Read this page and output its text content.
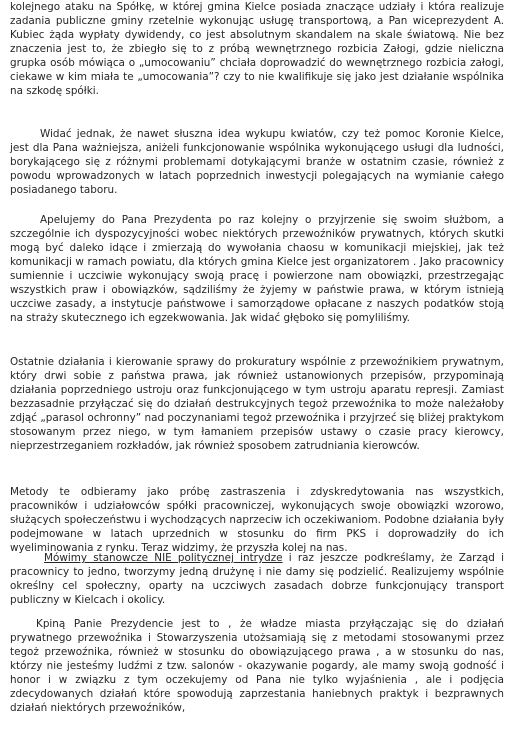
kolejnego ataku na Spółkę, w której gmina Kielce posiada znaczące udziały i która realizuje zadania publiczne gminy rzetelnie wykonując usługę transportową, a Pan wiceprezydent A. Kubiec żąda wypłaty dywidendy, co jest absolutnym skandalem na skale światową. Nie bez znaczenia jest to, że zbiegło się to z próbą wewnętrznego rozbicia Załogi, gdzie nieliczna grupka osób mówiąca o „umocowaniu” chciała doprowadzić do wewnętrznego rozbicia załogi, ciekawe w kim miała te „umocowania”? czy to nie kwalifikuje się jako jest działanie wspólnika na szkodę spółki.

Widać jednak, że nawet słuszna idea wykupu kwiatów, czy też pomoc Koronie Kielce, jest dla Pana ważniejsza, aniżeli funkcjonowanie wspólnika wykonującego usługi dla ludności, borykającego się z różnymi problemami dotykającymi branże w ostatnim czasie, również z powodu wprowadzonych w latach poprzednich inwestycji polegających na wymianie całego posiadanego taboru.

Apelujemy do Pana Prezydenta po raz kolejny o przyjrzenie się swoim służbom, a szczególnie ich dyspozycyjności wobec niektórych przewoźników prywatnych, których skutki mogą być daleko idące i zmierzają do wywołania chaosu w komunikacji miejskiej, jak też komunikacji w ramach powiatu, dla których gmina Kielce jest organizatorem . Jako pracownicy sumiennie i uczciwie wykonujący swoją pracę i powierzone nam obowiązki, przestrzegając wszystkich praw i obowiązków, sądziliśmy że żyjemy w państwie prawa, w którym istnieją uczciwe zasady, a instytucje państwowe i samorządowe opłacane z naszych podatków stoją na straży skutecznego ich egzekwowania. Jak widać głęboko się pomyliliśmy.

Ostatnie działania i kierowanie sprawy do prokuratury wspólnie z przewoźnikiem prywatnym, który drwi sobie z państwa prawa, jak również ustanowionych przepisów, przypominają działania poprzedniego ustroju oraz funkcjonującego w tym ustroju aparatu represji. Zamiast bezzasadnie przyłączać się do działań destrukcyjnych tegoż przewoźnika to może należałoby zdjąć „parasol ochronny” nad poczynaniami tegoż przewoźnika i przyjrzeć się bliżej praktykom stosowanym przez niego, w tym łamaniem przepisów ustawy o czasie pracy kierowcy, nieprzestrzeganiem rozkładów, jak również sposobem zatrudniania kierowców.

Metody te odbieramy jako próbę zastraszenia i zdyskredytowania nas wszystkich, pracowników i udziałowców spółki pracowniczej, wykonujących swoje obowiązki wzorowo, służących społeczeństwu i wychodzących naprzeciw ich oczekiwaniom. Podobne działania były podejmowane w latach uprzednich w stosunku do firm PKS i doprowadziły do ich wyeliminowania z rynku. Teraz widzimy, że przyszła kolej na nas.

Mówimy stanowcze NIE politycznej intrydze i raz jeszcze podkreślamy, że Zarząd i pracownicy to jedno, tworzymy jedną drużynę i nie damy się podzielić. Realizujemy wspólnie określny cel społeczny, oparty na uczciwych zasadach dobrze funkcjonujący transport publiczny w Kielcach i okolicy.

Kpiną Panie Prezydencie jest to , że władze miasta przyłączając się do działań prywatnego przewoźnika i Stowarzyszenia utożsamiają się z metodami stosowanymi przez tegoż przewoźnika, również w stosunku do obowiązującego prawa , a w stosunku do nas, którzy nie jesteśmy ludźmi z tzw. salonów - okazywanie pogardy, ale mamy swoją godność i honor i w związku z tym oczekujemy od Pana nie tylko wyjaśnienia , ale i podjęcia zdecydowanych działań które spowodują zaprzestania haniebnych praktyk i bezprawnych działań niektórych przewoźników,
